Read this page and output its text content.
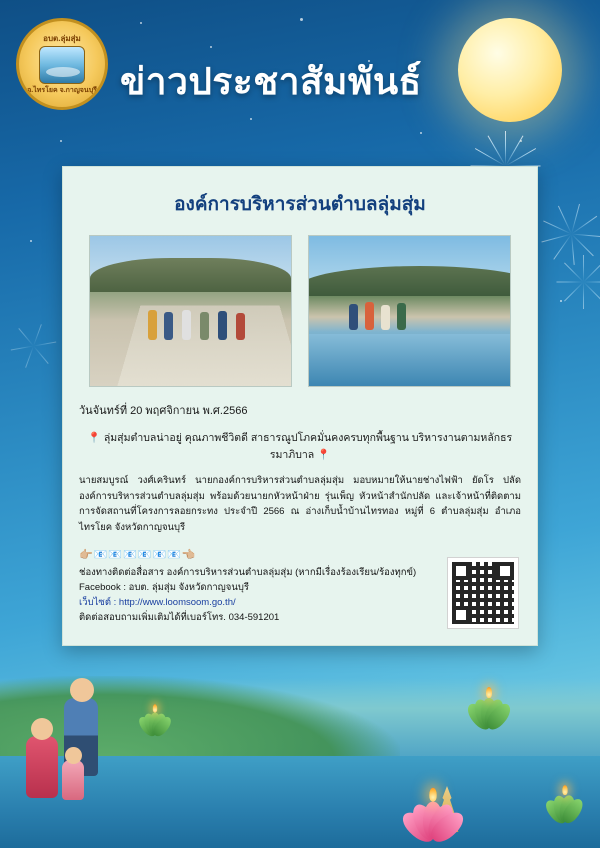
อบต.ลุ่มสุ่ม
อ.ไทรโยค จ.กาญจนบุรี ข่าวประชาสัมพันธ์
องค์การบริหารส่วนตำบลลุ่มสุ่ม
วันจันทร์ที่ 20 พฤศจิกายน พ.ศ.2566
📍 ลุ่มสุ่มตำบลน่าอยู่ คุณภาพชีวิตดี สาธารณูปโภคมั่นคงครบทุกพื้นฐาน บริหารงานตามหลักธรรมาภิบาล 📍
นายสมบูรณ์ วงศ์เครินทร์ นายกองค์การบริหารส่วนตำบลลุ่มสุ่ม มอบหมายให้นายช่างไฟฟ้า ยัดโร ปลัดองค์การบริหารส่วนตำบลลุ่มสุ่ม พร้อมด้วยนายกหัวหน้าฝ่าย รุ่นเพ็ญ หัวหน้าสำนักปลัด และเจ้าหน้าที่ติดตามการจัดสถานที่โครงการลอยกระทง ประจำปี 2566 ณ อ่างเก็บน้ำบ้านไทรทอง หมู่ที่ 6 ตำบลลุ่มสุ่ม อำเภอไทรโยค จังหวัดกาญจนบุรี
👉🏼📧📧📧📧📧📧👈🏼
ช่องทางติดต่อสื่อสาร องค์การบริหารส่วนตำบลลุ่มสุ่ม (หากมีเรื่องร้องเรียน/ร้องทุกข์)
Facebook : อบต. ลุ่มสุ่ม จังหวัดกาญจนบุรี
เว็บไซต์ : http://www.loomsoom.go.th/
ติดต่อสอบถามเพิ่มเติมได้ที่เบอร์โทร. 034-591201
